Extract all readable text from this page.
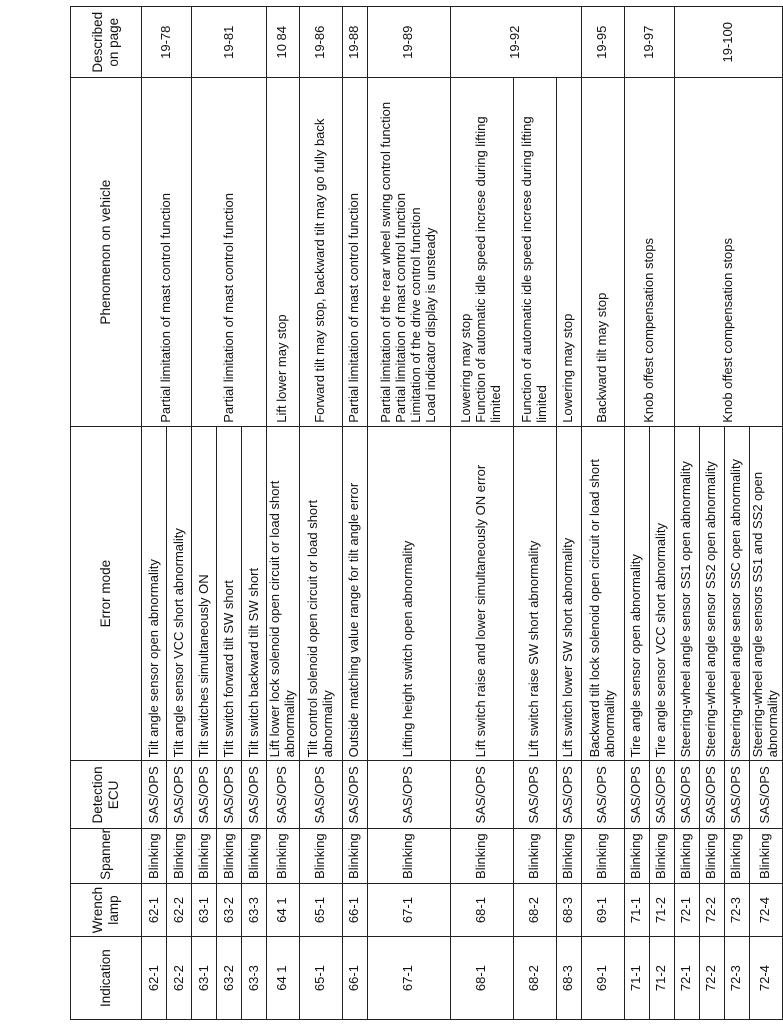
Indication	Wrench lamp	Spanner	Detection ECU	Error mode	Phenomenon on vehicle	Described on page
62-1	62-1	Blinking	SAS/OPS	Tilt angle sensor open abnormality	Partial limitation of mast control function	19-78
62-2	62-2	Blinking	SAS/OPS	Tilt angle sensor VCC short abnormality		
63-1	63-1	Blinking	SAS/OPS	Tilt switches simultaneously ON	Partial limitation of mast control function	19-81
63-2	63-2	Blinking	SAS/OPS	Tilt switch forward tilt SW short		
63-3	63-3	Blinking	SAS/OPS	Tilt switch backward tilt SW short		
64 1	64 1	Blinking	SAS/OPS	Lift lower lock solenoid open circuit or load short abnormality	Lift lower may stop	10 84
65-1	65-1	Blinking	SAS/OPS	Tilt control solenoid open circuit or load short abnormality	Forward tilt may stop, backward tilt may go fully back	19-86
66-1	66-1	Blinking	SAS/OPS	Outside matching value range for tilt angle error	Partial limitation of mast control function	19-88
67-1	67-1	Blinking	SAS/OPS	Lifting height switch open abnormality	Partial limitation of the rear wheel swing control function Partial limitation of mast control function Limitation of the drive control function Load indicator display is unsteady	19-89
68-1	68-1	Blinking	SAS/OPS	Lift switch raise and lower simultaneously ON error	Lowering may stop Function of automatic idle speed increse during lifting limited	19-92
68-2	68-2	Blinking	SAS/OPS	Lift switch raise SW short abnormality	Function of automatic idle speed increse during lifting limited	
68-3	68-3	Blinking	SAS/OPS	Lift switch lower SW short abnormality	Lowering may stop	
69-1	69-1	Blinking	SAS/OPS	Backward tilt lock solenoid open circuit or load short abnormality	Backward tilt may stop	19-95
71-1	71-1	Blinking	SAS/OPS	Tire angle sensor open abnormality	Knob offest compensation stops	19-97
71-2	71-2	Blinking	SAS/OPS	Tire angle sensor VCC short abnormality		
72-1	72-1	Blinking	SAS/OPS	Steering-wheel angle sensor SS1 open abnormality	Knob offest compensation stops	19-100
72-2	72-2	Blinking	SAS/OPS	Steering-wheel angle sensor SS2 open abnormality		
72-3	72-3	Blinking	SAS/OPS	Steering-wheel angle sensor SSC open abnormality		
72-4	72-4	Blinking	SAS/OPS	Steering-wheel angle sensors SS1 and SS2 open abnormality		
